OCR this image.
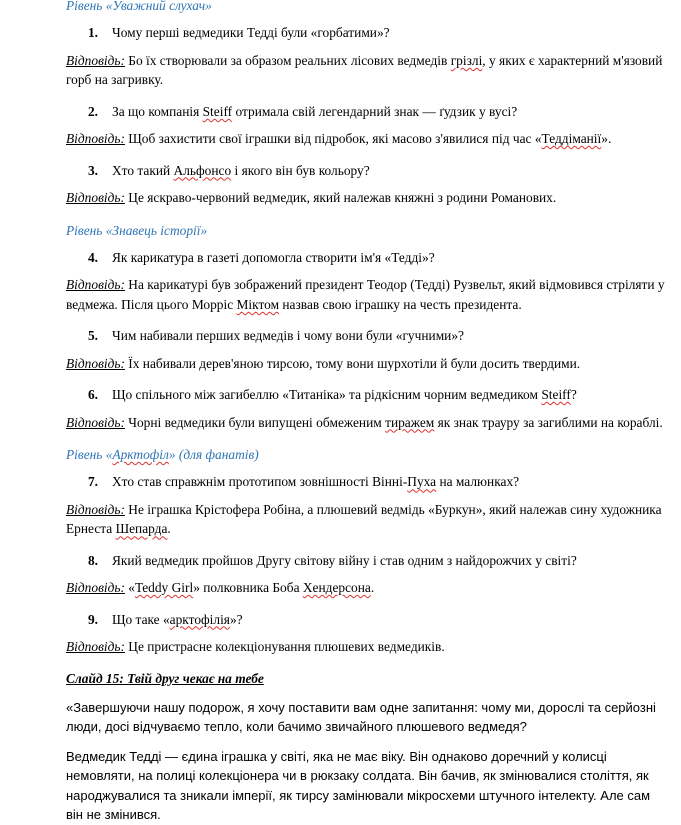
Рівень «Уважний слухач»

1.	Чому перші ведмедики Тедді були «горбатими»?

Відповідь: Бо їх створювали за образом реальних лісових ведмедів грізлі, у яких є характерний м'язовий горб на загривку.

2.	За що компанія Steiff отримала свій легендарний знак — ґудзик у вусі?

Відповідь: Щоб захистити свої іграшки від підробок, які масово з'явилися під час «Теддіманії».

3.	Хто такий Альфонсо і якого він був кольору?

Відповідь: Це яскраво-червоний ведмедик, який належав княжні з родини Романових.

Рівень «Знавець історії»

4.	Як карикатура в газеті допомогла створити ім'я «Тедді»?

Відповідь: На карикатурі був зображений президент Теодор (Тедді) Рузвельт, який відмовився стріляти у ведмежа. Після цього Морріс Міктом назвав свою іграшку на честь президента.

5.	Чим набивали перших ведмедів і чому вони були «гучними»?

Відповідь: Їх набивали дерев'яною тирсою, тому вони шурхотіли й були досить твердими.

6.	Що спільного між загибеллю «Титаніка» та рідкісним чорним ведмедиком Steiff?

Відповідь: Чорні ведмедики були випущені обмеженим тиражем як знак трауру за загиблими на кораблі.

Рівень «Арктофіл» (для фанатів)

7.	Хто став справжнім прототипом зовнішності Вінні-Пуха на малюнках?

Відповідь: Не іграшка Крістофера Робіна, а плюшевий ведмідь «Буркун», який належав сину художника Ернеста Шепарда.

8.	Який ведмедик пройшов Другу світову війну і став одним з найдорожчих у світі?

Відповідь: «Teddy Girl» полковника Боба Хендерсона.

9.	Що таке «арктофілія»?

Відповідь: Це пристрасне колекціонування плюшевих ведмедиків.

Слайд 15: Твій друг чекає на тебе

«Завершуючи нашу подорож, я хочу поставити вам одне запитання: чому ми, дорослі та серйозні люди, досі відчуваємо тепло, коли бачимо звичайного плюшевого ведмедя?

Ведмедик Тедді — єдина іграшка у світі, яка не має віку. Він однаково доречний у колисці немовляти, на полиці колекціонера чи в рюкзаку солдата. Він бачив, як змінювалися століття, як народжувалися та зникали імперії, як тирсу замінювали мікросхеми штучного інтелекту. Але сам він не змінився.
